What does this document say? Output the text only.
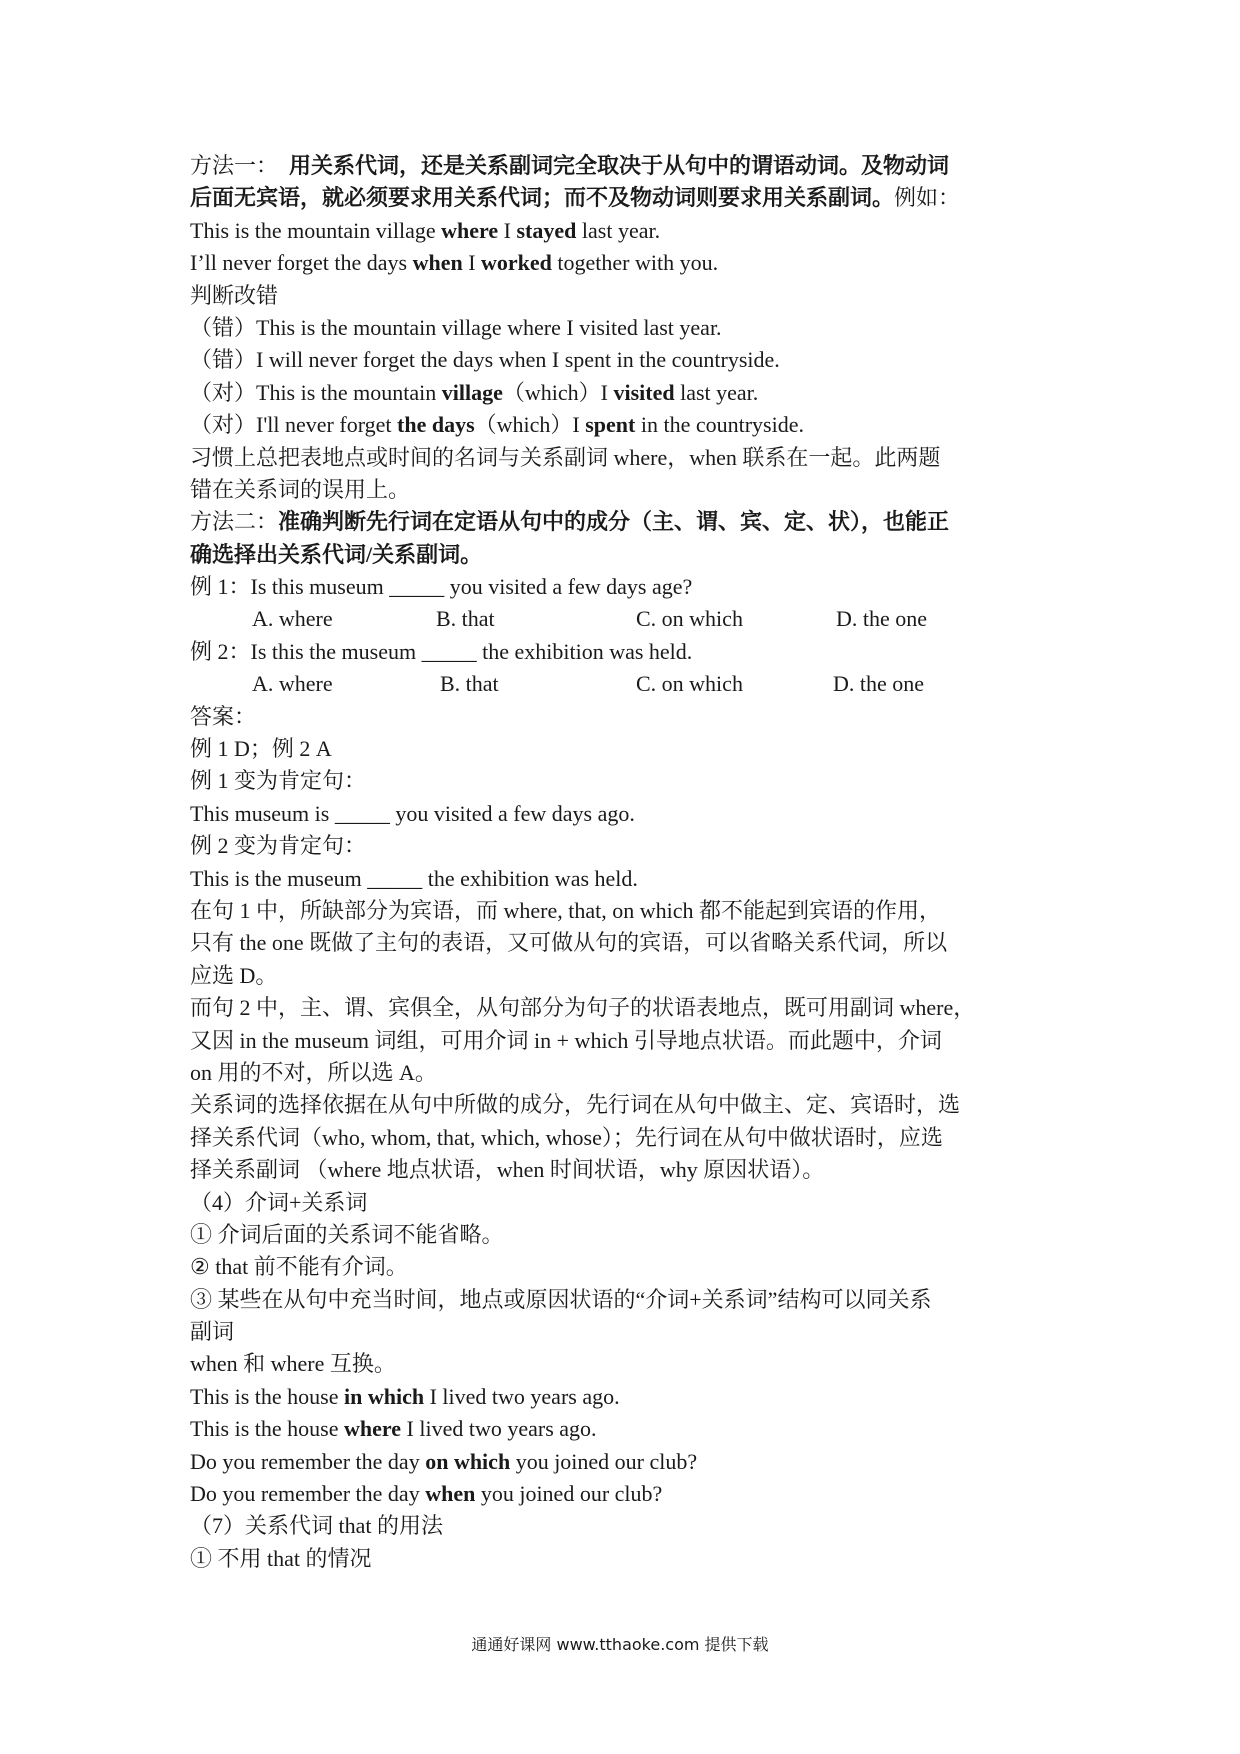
方法一： 用关系代词，还是关系副词完全取决于从句中的谓语动词。及物动词
后面无宾语，就必须要求用关系代词；而不及物动词则要求用关系副词。例如：
This is the mountain village where I stayed last year.
I’ll never forget the days when I worked together with you.
判断改错
（错）This is the mountain village where I visited last year.
（错）I will never forget the days when I spent in the countryside.
（对）This is the mountain village（which）I visited last year.
（对）I'll never forget the days（which）I spent in the countryside.
习惯上总把表地点或时间的名词与关系副词 where，when 联系在一起。此两题
错在关系词的误用上。
方法二：准确判断先行词在定语从句中的成分（主、谓、宾、定、状），也能正
确选择出关系代词/关系副词。
例 1：Is this museum _____ you visited a few days age?
A. where	B. that	C. on which	D. the one
例 2：Is this the museum _____ the exhibition was held.
A. where	B. that	C. on which	D. the one
答案：
例 1 D；例 2 A
例 1 变为肯定句：
This museum is _____ you visited a few days ago.
例 2 变为肯定句：
This is the museum _____ the exhibition was held.
在句 1 中，所缺部分为宾语，而 where, that, on which 都不能起到宾语的作用，
只有 the one 既做了主句的表语，又可做从句的宾语，可以省略关系代词，所以
应选 D。
而句 2 中，主、谓、宾俱全，从句部分为句子的状语表地点，既可用副词 where，
又因 in the museum 词组，可用介词 in + which 引导地点状语。而此题中，介词
on 用的不对，所以选 A。
关系词的选择依据在从句中所做的成分，先行词在从句中做主、定、宾语时，选
择关系代词（who, whom, that, which, whose）；先行词在从句中做状语时，应选
择关系副词 （where 地点状语，when 时间状语，why 原因状语）。
（4）介词+关系词
① 介词后面的关系词不能省略。
② that 前不能有介词。
③ 某些在从句中充当时间，地点或原因状语的“介词+关系词”结构可以同关系
副词
when 和 where 互换。
This is the house in which I lived two years ago.
This is the house where I lived two years ago.
Do you remember the day on which you joined our club?
Do you remember the day when you joined our club?
（7）关系代词 that 的用法
① 不用 that 的情况
通通好课网 www.tthaoke.com 提供下载
